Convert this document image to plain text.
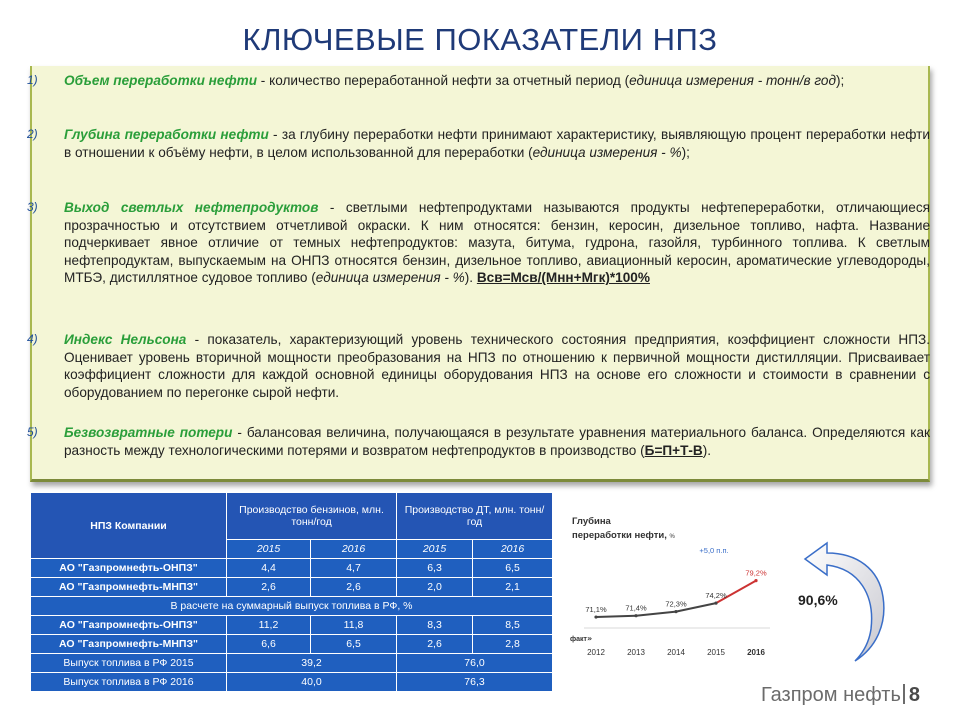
КЛЮЧЕВЫЕ ПОКАЗАТЕЛИ НПЗ
1) Объем переработки нефти - количество переработанной нефти за отчетный период (единица измерения - тонн/в год);
2) Глубина переработки нефти - за глубину переработки нефти принимают характеристику, выявляющую процент переработки нефти в отношении к объёму нефти, в целом использованной для переработки (единица измерения - %);
3) Выход светлых нефтепродуктов - светлыми нефтепродуктами называются продукты нефтепереработки, отличающиеся прозрачностью и отсутствием отчетливой окраски. К ним относятся: бензин, керосин, дизельное топливо, нафта. Название подчеркивает явное отличие от темных нефтепродуктов: мазута, битума, гудрона, газойля, турбинного топлива. К светлым нефтепродуктам, выпускаемым на ОНПЗ относятся бензин, дизельное топливо, авиационный керосин, ароматические углеводороды, МТБЭ, дистиллятное судовое топливо (единица измерения - %). Всв=Мсв/(Мнн+Мгк)*100%
4) Индекс Нельсона - показатель, характеризующий уровень технического состояния предприятия, коэффициент сложности НПЗ. Оценивает уровень вторичной мощности преобразования на НПЗ по отношению к первичной мощности дистилляции. Присваивает коэффициент сложности для каждой основной единицы оборудования НПЗ на основе его сложности и стоимости в сравнении с оборудованием по перегонке сырой нефти.
5) Безвозвратные потери - балансовая величина, получающаяся в результате уравнения материального баланса. Определяются как разность между технологическими потерями и возвратом нефтепродуктов в производство (Б=П+Т-В).
НПЗ Компании	Производство бензинов, млн. тонн/год		Производство ДТ, млн. тонн/год	
	2015	2016	2015	2016
АО "Газпромнефть-ОНПЗ"	4,4	4,7	6,3	6,5
АО "Газпромнефть-МНПЗ"	2,6	2,6	2,0	2,1
В расчете на суммарный выпуск топлива в РФ, %				
АО "Газпромнефть-ОНПЗ"	11,2	11,8	8,3	8,5
АО "Газпромнефть-МНПЗ"	6,6	6,5	2,6	2,8
Выпуск топлива в РФ 2015	39,2		76,0	
Выпуск топлива в РФ 2016	40,0		76,3	
Глубина
переработки нефти, %
71,1%
2012
71,4%
2013
72,3%
2014
74,2%
2015
79,2%
2016
факт »
+5,0 п.п.
90,6%
Газпром нефть 8
